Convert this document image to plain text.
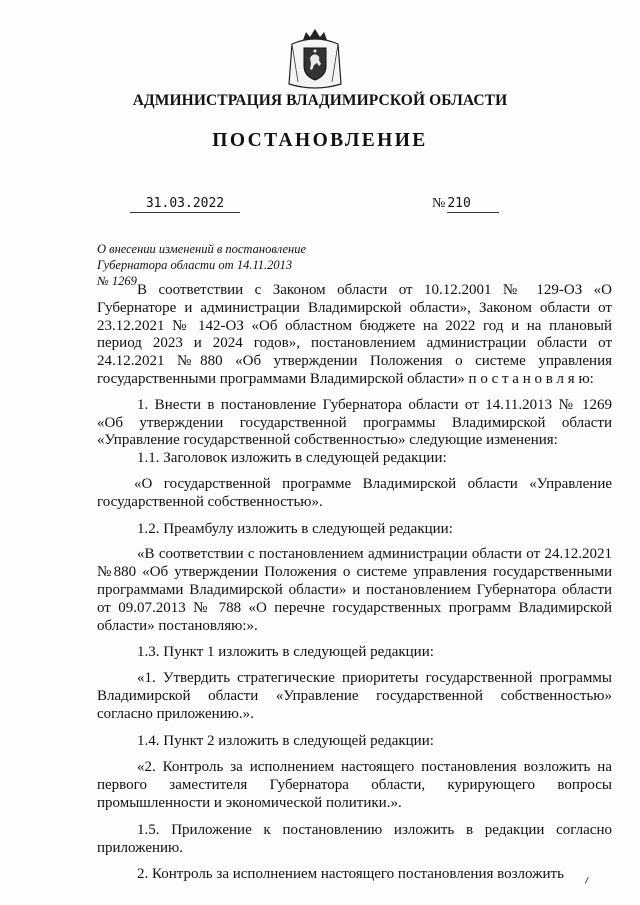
АДМИНИСТРАЦИЯ ВЛАДИМИРСКОЙ ОБЛАСТИ
ПОСТАНОВЛЕНИЕ
31.03.2022	№ 210
О внесении изменений в постановление
Губернатора области от 14.11.2013
№ 1269

В соответствии с Законом области от 10.12.2001 № 129-ОЗ «О Губернаторе и администрации Владимирской области», Законом области от 23.12.2021 № 142-ОЗ «Об областном бюджете на 2022 год и на плановый период 2023 и 2024 годов», постановлением администрации области от 24.12.2021 №880 «Об утверждении Положения о системе управления государственными программами Владимирской области» п о с т а н о в л я ю:

1. Внести в постановление Губернатора области от 14.11.2013 № 1269 «Об утверждении государственной программы Владимирской области «Управление государственной собственностью» следующие изменения:

1.1. Заголовок изложить в следующей редакции:

«О государственной программе Владимирской области «Управление государственной собственностью».

1.2. Преамбулу изложить в следующей редакции:

«В соответствии с постановлением администрации области от 24.12.2021 №880 «Об утверждении Положения о системе управления государственными программами Владимирской области» и постановлением Губернатора области от 09.07.2013 № 788 «О перечне государственных программ Владимирской области» постановляю:».

1.3. Пункт 1 изложить в следующей редакции:

«1. Утвердить стратегические приоритеты государственной программы Владимирской области «Управление государственной собственностью» согласно приложению.».

1.4. Пункт 2 изложить в следующей редакции:

«2. Контроль за исполнением настоящего постановления возложить на первого заместителя Губернатора области, курирующего вопросы промышленности и экономической политики.».

1.5. Приложение к постановлению изложить в редакции согласно приложению.

2. Контроль за исполнением настоящего постановления возложить
